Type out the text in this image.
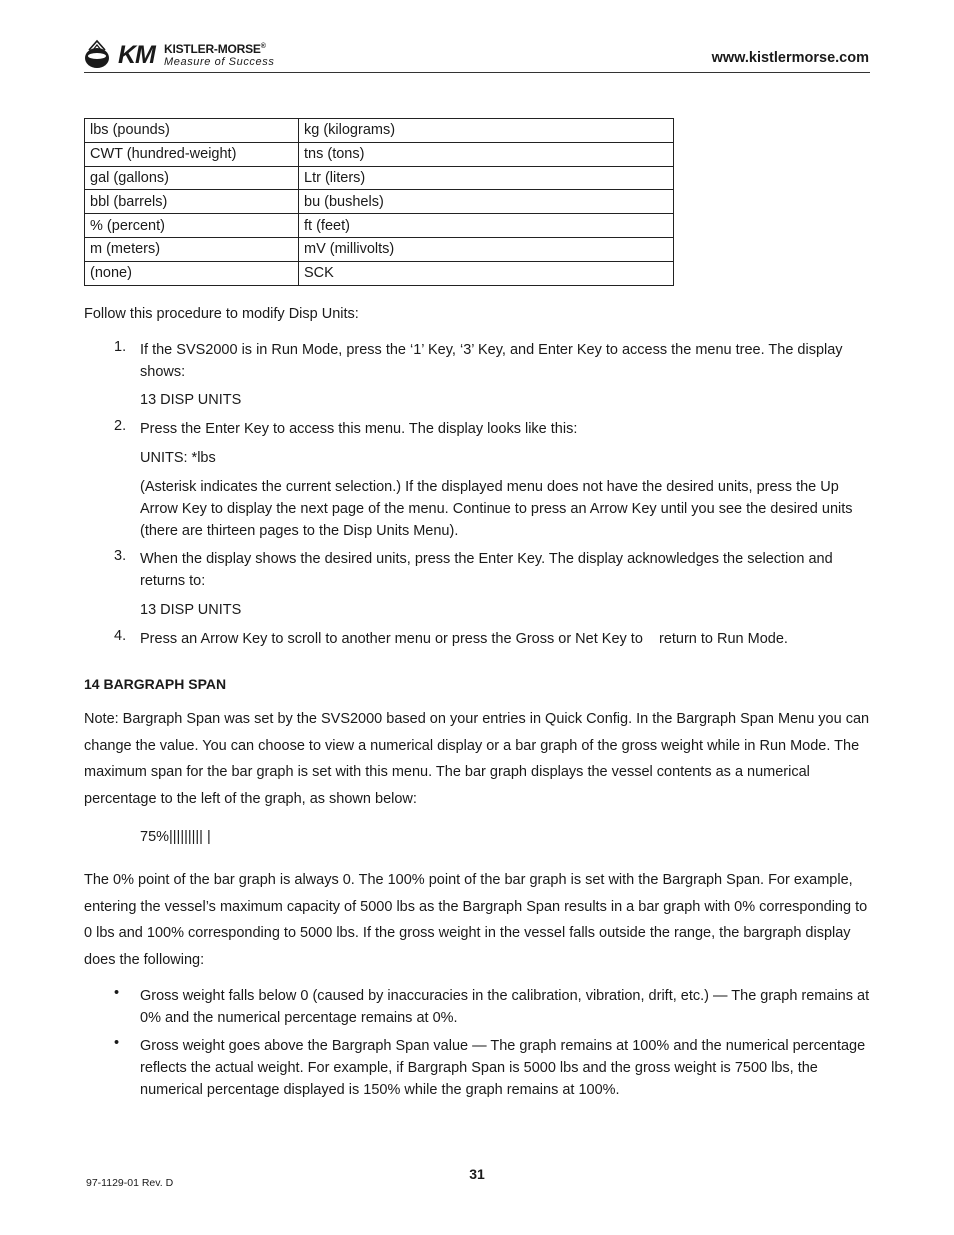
KM KISTLER-MORSE®
Measure of Success	www.kistlermorse.com
lbs (pounds)	kg (kilograms)
CWT (hundred-weight)	tns (tons)
gal (gallons)	Ltr (liters)
bbl (barrels)	bu (bushels)
% (percent)	ft (feet)
m (meters)	mV (millivolts)
(none)	SCK

Follow this procedure to modify Disp Units:

1. If the SVS2000 is in Run Mode, press the ‘1’ Key, ‘3’ Key, and Enter Key to access the menu tree. The display shows:
13 DISP UNITS
2. Press the Enter Key to access this menu. The display looks like this:
UNITS: *lbs
(Asterisk indicates the current selection.) If the displayed menu does not have the desired units, press the Up Arrow Key to display the next page of the menu. Continue to press an Arrow Key until you see the desired units (there are thirteen pages to the Disp Units Menu).
3. When the display shows the desired units, press the Enter Key. The display acknowledges the selection and returns to:
13 DISP UNITS
4. Press an Arrow Key to scroll to another menu or press the Gross or Net Key to    return to Run Mode.
14 BARGRAPH SPAN

Note: Bargraph Span was set by the SVS2000 based on your entries in Quick Config. In the Bargraph Span Menu you can change the value. You can choose to view a numerical display or a bar graph of the gross weight while in Run Mode. The maximum span for the bar graph is set with this menu. The bar graph displays the vessel contents as a numerical percentage to the left of the graph, as shown below:

75%||||||||| |

The 0% point of the bar graph is always 0. The 100% point of the bar graph is set with the Bargraph Span. For example, entering the vessel’s maximum capacity of 5000 lbs as the Bargraph Span results in a bar graph with 0% corresponding to 0 lbs and 100% corresponding to 5000 lbs. If the gross weight in the vessel falls outside the range, the bargraph display does the following:

• Gross weight falls below 0 (caused by inaccuracies in the calibration, vibration, drift, etc.) — The graph remains at 0% and the numerical percentage remains at 0%.
• Gross weight goes above the Bargraph Span value — The graph remains at 100% and the numerical percentage reflects the actual weight. For example, if Bargraph Span is 5000 lbs and the gross weight is 7500 lbs, the numerical percentage displayed is 150% while the graph remains at 100%.
31
97-1129-01 Rev. D
